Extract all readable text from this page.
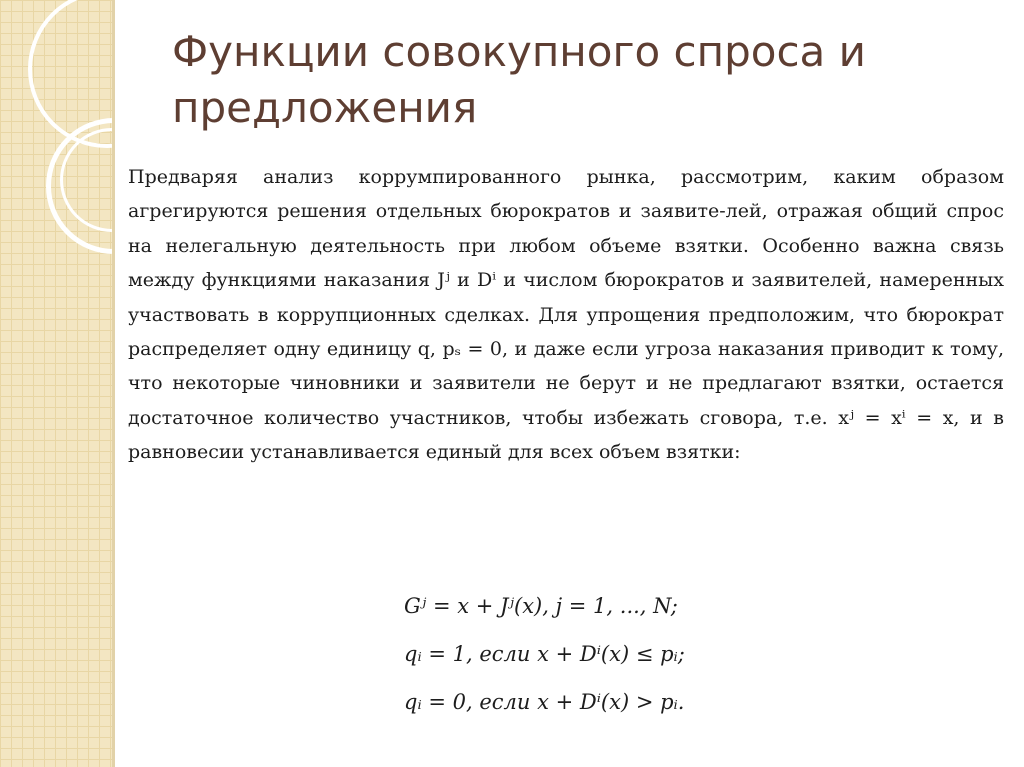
Функции совокупного спроса и предложения

Предваряя анализ коррумпированного рынка, рассмотрим, каким образом агрегируются решения отдельных бюрократов и заявите-лей, отражая общий спрос на нелегальную деятельность при любом объеме взятки. Особенно важна связь между функциями наказания Jʲ и Dⁱ и числом бюрократов и заявителей, намеренных участвовать в коррупционных сделках. Для упрощения предположим, что бюрократ распределяет одну единицу q, pₛ = 0, и даже если угроза наказания приводит к тому, что некоторые чиновники и заявители не берут и не предлагают взятки, остается достаточное количество участников, чтобы избежать сговора, т.е. xʲ = xⁱ = x, и в равновесии устанавливается единый для всех объем взятки:

Gʲ = x + Jʲ(x), j = 1, ..., N;
qᵢ = 1, если x + Dⁱ(x) ≤ pᵢ;
qᵢ = 0, если x + Dⁱ(x) > pᵢ.
